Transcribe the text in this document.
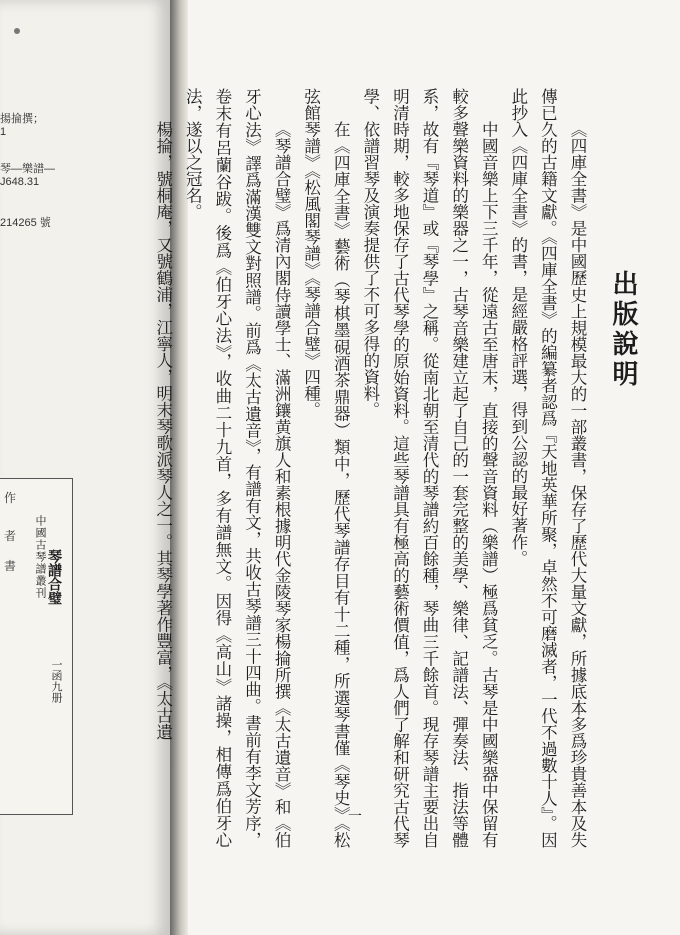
揚掄撰；
1
琴—樂譜—
J648.31
214265 號
作
者
書 中國古琴譜叢刊 琴譜合璧
一函九册
出版說明

《四庫全書》是中國歷史上規模最大的一部叢書，保存了歷代大量文獻，所據底本多爲珍貴善本及失傳已久的古籍文獻。《四庫全書》的編纂者認爲『天地英華所聚，卓然不可磨滅者，一代不過數十人』。因此抄入《四庫全書》的書，是經嚴格評選，得到公認的最好著作。

中國音樂上下三千年，從遠古至唐末，直接的聲音資料（樂譜）極爲貧乏。古琴是中國樂器中保留有較多聲樂資料的樂器之一，古琴音樂建立起了自己的一套完整的美學、樂律、記譜法、彈奏法、指法等體系，故有『琴道』或『琴學』之稱。從南北朝至清代的琴譜約百餘種，琴曲三千餘首。現存琴譜主要出自明清時期，較多地保存了古代琴學的原始資料。這些琴譜具有極高的藝術價值，爲人們了解和研究古代琴學、依譜習琴及演奏提供了不可多得的資料。

在《四庫全書》藝術（琴棋墨硯酒茶鼎器）類中，歷代琴譜存目有十二種，所選琴書僅《琴史》《松弦館琴譜》《松風閣琴譜》《琴譜合璧》四種。

《琴譜合璧》爲清內閣侍讀學士、滿洲鑲黄旗人和素根據明代金陵琴家楊掄所撰《太古遺音》和《伯牙心法》譯爲滿漢雙文對照譜。前爲《太古遺音》，有譜有文，共收古琴譜三十四曲。書前有李文芳序，卷末有呂蘭谷跋。後爲《伯牙心法》，收曲二十九首，多有譜無文。因得《高山》諸操，相傳爲伯牙心法，遂以之冠名。

楊掄，號桐庵，又號鶴浦，江寧人，明末琴歌派琴人之一。其琴學著作豐富，《太古遺

一
